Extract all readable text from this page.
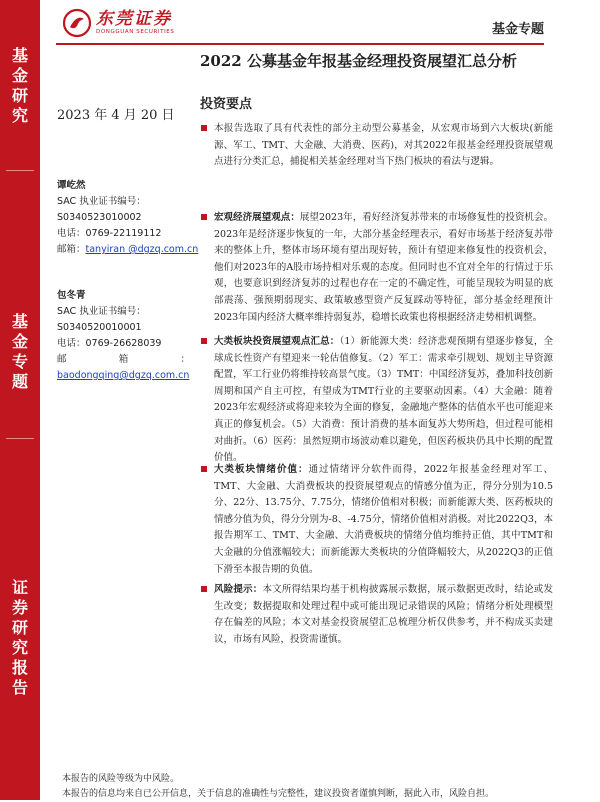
基
金
研
究
基
金
专
题
证
券
研
究
报
告
东莞证券
DONGGUAN SECURITIES	基金专题
2022 公募基金年报基金经理投资展望汇总分析
投资要点
2023 年 4 月 20 日
谭屹然
SAC 执业证书编号：
S0340523010002
电话：0769-22119112
邮箱：tanyiran @dgzq.com.cn
包冬青
SAC 执业证书编号：
S0340520010001
电话：0769-26628039
邮	箱	：
baodongqing@dgzq.com.cn
本报告选取了具有代表性的部分主动型公募基金，从宏观市场到六大板块(新能源、军工、TMT、大金融、大消费、医药)，对其2022年报基金经理投资展望观点进行分类汇总，捕捉相关基金经理对当下热门板块的看法与逻辑。
宏观经济展望观点：展望2023年，看好经济复苏带来的市场修复性的投资机会。2023年是经济逐步恢复的一年，大部分基金经理表示，看好市场基于经济复苏带来的整体上升，整体市场环境有望出现好转，预计有望迎来修复性的投资机会，他们对2023年的A股市场持相对乐观的态度。但同时也不宜对全年的行情过于乐观，也要意识到经济复苏的过程也存在一定的不确定性，可能呈现较为明显的底部震荡、强预期弱现实、政策敏感型资产反复踩动等特征，部分基金经理预计2023年国内经济大概率维持弱复苏，稳增长政策也将根据经济走势相机调整。
大类板块投资展望观点汇总：（1）新能源大类：经济悲观预期有望逐步修复，全球成长性资产有望迎来一轮估值修复。（2）军工：需求牵引规划、规划主导资源配置，军工行业仍将维持较高景气度。（3）TMT：中国经济复苏，叠加科技创新周期和国产自主可控，有望成为TMT行业的主要驱动因素。（4）大金融：随着2023年宏观经济或将迎来较为全面的修复，金融地产整体的估值水平也可能迎来真正的修复机会。（5）大消费：预计消费的基本面复苏大势所趋，但过程可能相对曲折。（6）医药：虽然短期市场波动难以避免，但医药板块仍具中长期的配置价值。
大类板块情绪价值：通过情绪评分软件而得，2022年报基金经理对军工、TMT、大金融、大消费板块的投资展望观点的情感分值为正，得分分别为10.5分、22分、13.75分、7.75分，情绪价值相对积极；而新能源大类、医药板块的情感分值为负，得分分别为-8、-4.75分，情绪价值相对消极。对比2022Q3，本报告期军工、TMT、大金融、大消费板块的情绪分值均维持正值，其中TMT和大金融的分值涨幅较大；而新能源大类板块的分值降幅较大，从2022Q3的正值下滑至本报告期的负值。
风险提示：本文所得结果均基于机构披露展示数据，展示数据更改时，结论或发生改变；数据提取和处理过程中或可能出现记录错误的风险；情绪分析处理模型存在偏差的风险；本文对基金投资展望汇总梳理分析仅供参考，并不构成买卖建议，市场有风险，投资需谨慎。
本报告的风险等级为中风险。
本报告的信息均来自已公开信息，关于信息的准确性与完整性，建议投资者谨慎判断，据此入市，风险自担。
